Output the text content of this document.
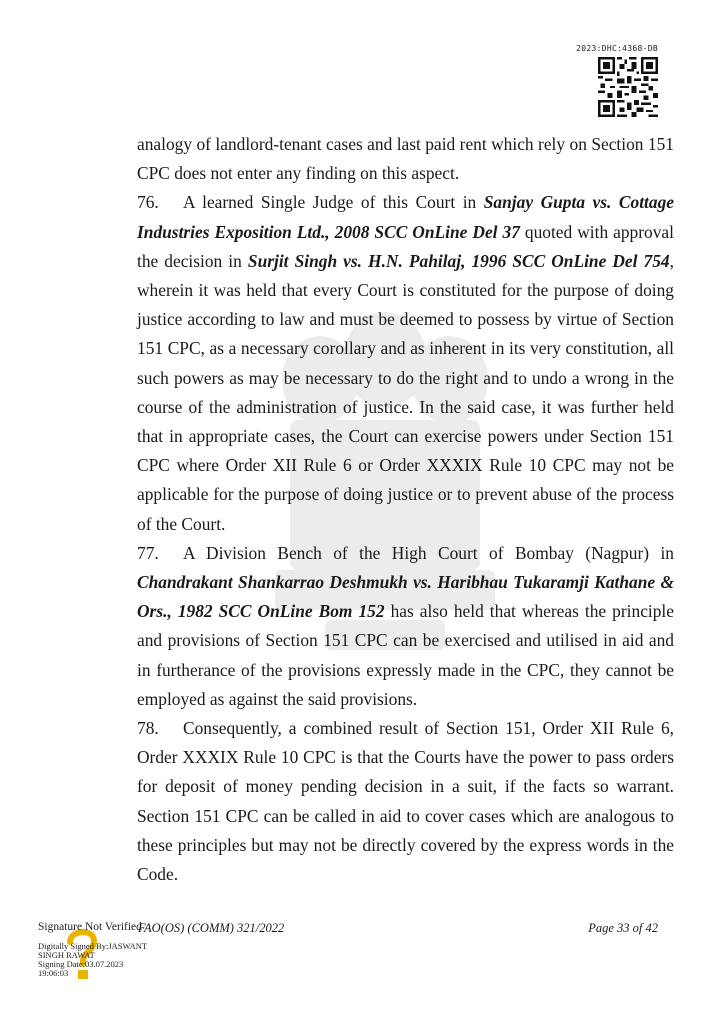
2023:DHC:4368-DB

analogy of landlord-tenant cases and last paid rent which rely on Section 151 CPC does not enter any finding on this aspect.

76. A learned Single Judge of this Court in Sanjay Gupta vs. Cottage Industries Exposition Ltd., 2008 SCC OnLine Del 37 quoted with approval the decision in Surjit Singh vs. H.N. Pahilaj, 1996 SCC OnLine Del 754, wherein it was held that every Court is constituted for the purpose of doing justice according to law and must be deemed to possess by virtue of Section 151 CPC, as a necessary corollary and as inherent in its very constitution, all such powers as may be necessary to do the right and to undo a wrong in the course of the administration of justice. In the said case, it was further held that in appropriate cases, the Court can exercise powers under Section 151 CPC where Order XII Rule 6 or Order XXXIX Rule 10 CPC may not be applicable for the purpose of doing justice or to prevent abuse of the process of the Court.

77. A Division Bench of the High Court of Bombay (Nagpur) in Chandrakant Shankarrao Deshmukh vs. Haribhau Tukaramji Kathane & Ors., 1982 SCC OnLine Bom 152 has also held that whereas the principle and provisions of Section 151 CPC can be exercised and utilised in aid and in furtherance of the provisions expressly made in the CPC, they cannot be employed as against the said provisions.

78. Consequently, a combined result of Section 151, Order XII Rule 6, Order XXXIX Rule 10 CPC is that the Courts have the power to pass orders for deposit of money pending decision in a suit, if the facts so warrant. Section 151 CPC can be called in aid to cover cases which are analogous to these principles but may not be directly covered by the express words in the Code.

Signature Not Verified
FAO(OS) (COMM) 321/2022	Page 33 of 42
Digitally Signed By:JASWANT
SINGH RAWAT
Signing Date:03.07.2023
19:06:03
